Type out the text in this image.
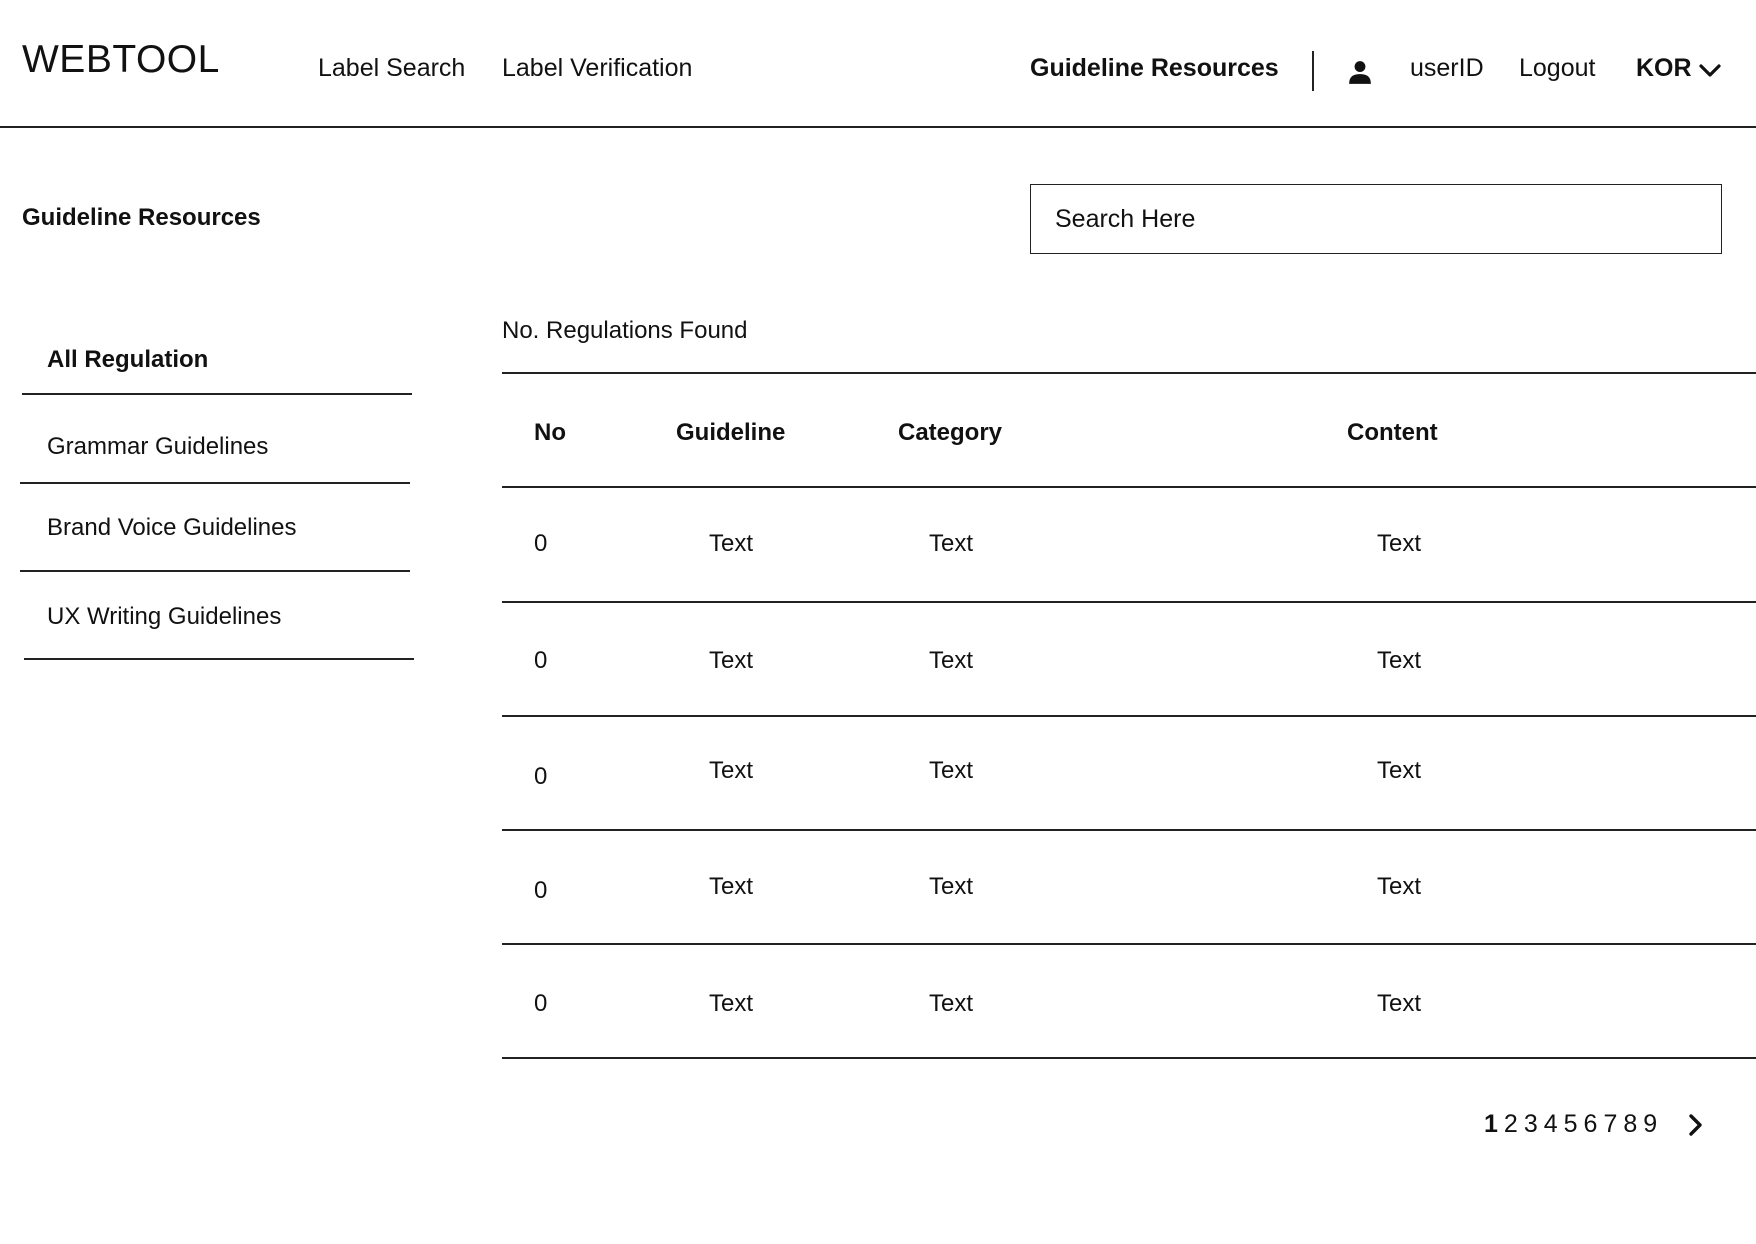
WEBTOOL	Label Search Label Verification	Guideline Resources	userID Logout KOR
Guideline Resources
Search Here
All Regulation
Grammar Guidelines
Brand Voice Guidelines
UX Writing Guidelines
No. Regulations Found
No	Guideline	Category	Content
0	Text	Text	Text
0	Text	Text	Text
0	Text	Text	Text
0	Text	Text	Text
0	Text	Text	Text
1 2 3 4 5 6 7 8 9
